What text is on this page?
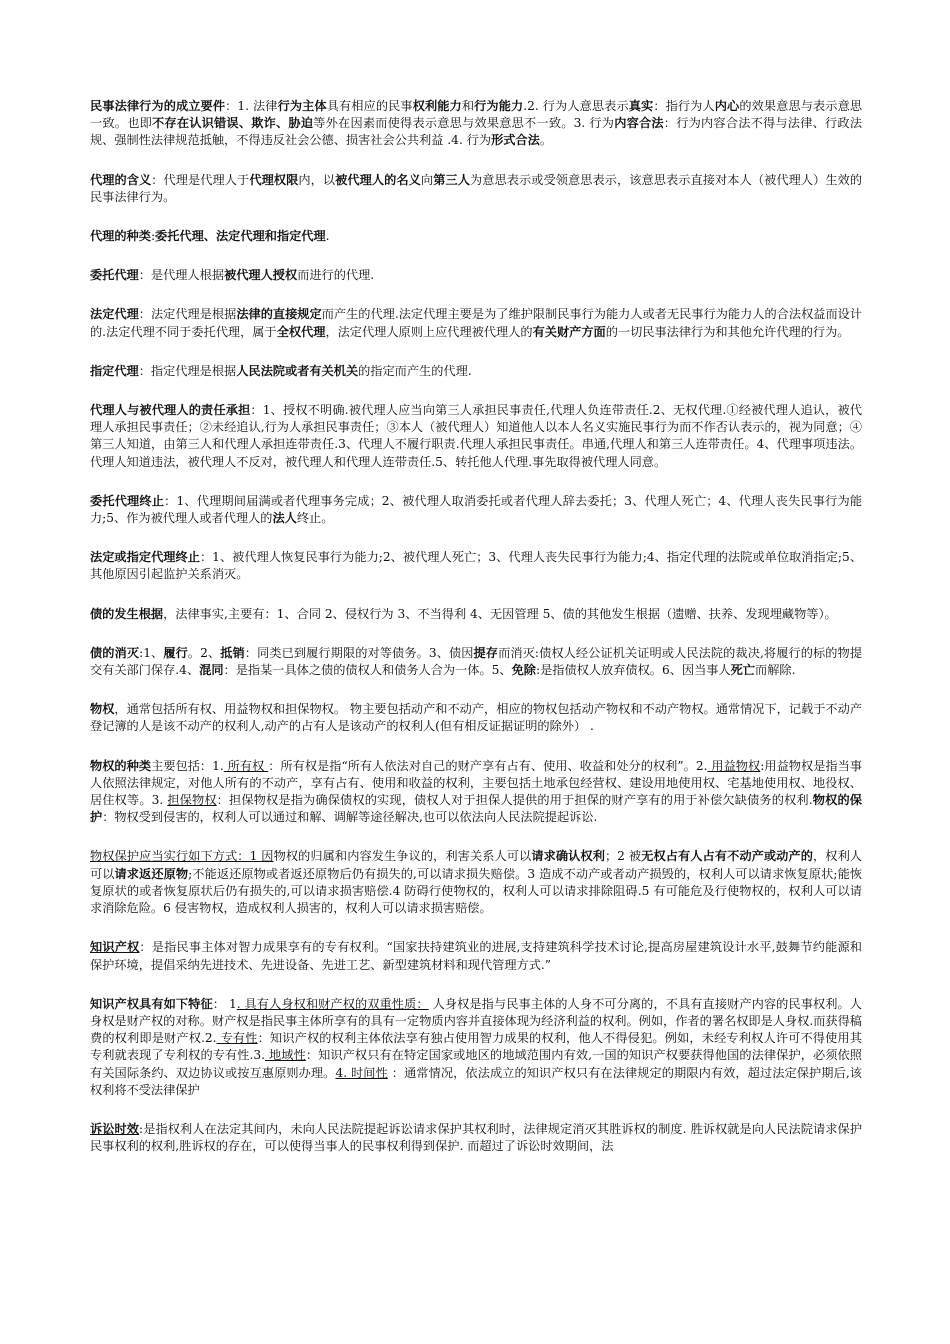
民事法律行为的成立要件：1. 法律行为主体具有相应的民事权利能力和行为能力.2. 行为人意思表示真实：指行为人内心的效果意思与表示意思一致。也即不存在认识错误、欺诈、胁迫等外在因素而使得表示意思与效果意思不一致。3. 行为内容合法：行为内容合法不得与法律、行政法规、强制性法律规范抵触，不得违反社会公德、损害社会公共利益 .4. 行为形式合法。

代理的含义：代理是代理人于代理权限内，以被代理人的名义向第三人为意思表示或受领意思表示，该意思表示直接对本人（被代理人）生效的民事法律行为。

代理的种类:委托代理、法定代理和指定代理.

委托代理：是代理人根据被代理人授权而进行的代理.

法定代理：法定代理是根据法律的直接规定而产生的代理.法定代理主要是为了维护限制民事行为能力人或者无民事行为能力人的合法权益而设计的.法定代理不同于委托代理，属于全权代理，法定代理人原则上应代理被代理人的有关财产方面的一切民事法律行为和其他允许代理的行为。

指定代理：指定代理是根据人民法院或者有关机关的指定而产生的代理.

代理人与被代理人的责任承担：1、授权不明确.被代理人应当向第三人承担民事责任,代理人负连带责任.2、无权代理.①经被代理人追认，被代理人承担民事责任；②未经追认,行为人承担民事责任；③本人（被代理人）知道他人以本人名义实施民事行为而不作否认表示的，视为同意；④第三人知道，由第三人和代理人承担连带责任.3、代理人不履行职责.代理人承担民事责任。串通,代理人和第三人连带责任。4、代理事项违法。代理人知道违法，被代理人不反对，被代理人和代理人连带责任.5、转托他人代理.事先取得被代理人同意。

委托代理终止：1、代理期间届满或者代理事务完成；2、被代理人取消委托或者代理人辞去委托；3、代理人死亡；4、代理人丧失民事行为能力;5、作为被代理人或者代理人的法人终止。

法定或指定代理终止：1、被代理人恢复民事行为能力;2、被代理人死亡；3、代理人丧失民事行为能力;4、指定代理的法院或单位取消指定;5、其他原因引起监护关系消灭。

债的发生根据，法律事实,主要有：1、合同 2、侵权行为 3、不当得利 4、无因管理 5、债的其他发生根据（遗赠、扶养、发现埋藏物等）。

债的消灭:1、履行。2、抵销：同类已到履行期限的对等债务。3、债因提存而消灭:债权人经公证机关证明或人民法院的裁决,将履行的标的物提交有关部门保存.4、混同：是指某一具体之债的债权人和债务人合为一体。5、免除:是指债权人放弃债权。6、因当事人死亡而解除.

物权，通常包括所有权、用益物权和担保物权。 物主要包括动产和不动产，相应的物权包括动产物权和不动产物权。通常情况下，记载于不动产登记簿的人是该不动产的权利人,动产的占有人是该动产的权利人(但有相反证据证明的除外） .

物权的种类主要包括：1. 所有权 ：所有权是指“所有人依法对自己的财产享有占有、使用、收益和处分的权利”。2. 用益物权:用益物权是指当事人依照法律规定，对他人所有的不动产，享有占有、使用和收益的权利，主要包括土地承包经营权、建设用地使用权、宅基地使用权、地役权、居住权等。3. 担保物权：担保物权是指为确保债权的实现，债权人对于担保人提供的用于担保的财产享有的用于补偿欠缺债务的权利.物权的保护：物权受到侵害的，权利人可以通过和解、调解等途径解决,也可以依法向人民法院提起诉讼.

物权保护应当实行如下方式：1 因物权的归属和内容发生争议的，利害关系人可以请求确认权利；2 被无权占有人占有不动产或动产的，权利人可以请求返还原物;不能返还原物或者返还原物后仍有损失的,可以请求损失赔偿。3 造成不动产或者动产损毁的，权利人可以请求恢复原状;能恢复原状的或者恢复原状后仍有损失的,可以请求损害赔偿.4 防碍行使物权的，权利人可以请求排除阻碍.5 有可能危及行使物权的，权利人可以请求消除危险。6 侵害物权，造成权利人损害的，权利人可以请求损害赔偿。

知识产权：是指民事主体对智力成果享有的专有权利。“国家扶持建筑业的进展,支持建筑科学技术讨论,提高房屋建筑设计水平,鼓舞节约能源和保护环境，提倡采纳先进技术、先进设备、先进工艺、新型建筑材料和现代管理方式.”

知识产权具有如下特征： 1. 具有人身权和财产权的双重性质： 人身权是指与民事主体的人身不可分离的，不具有直接财产内容的民事权利。人身权是财产权的对称。财产权是指民事主体所享有的具有一定物质内容并直接体现为经济利益的权利。例如，作者的署名权即是人身权.而获得稿费的权利即是财产权.2. 专有性：知识产权的权利主体依法享有独占使用智力成果的权利，他人不得侵犯。例如，未经专利权人许可不得使用其专利就表现了专利权的专有性.3. 地域性：知识产权只有在特定国家或地区的地域范围内有效,一国的知识产权要获得他国的法律保护，必须依照有关国际条约、双边协议或按互惠原则办理。4. 时间性 ：通常情况，依法成立的知识产权只有在法律规定的期限内有效，超过法定保护期后,该权利将不受法律保护

诉讼时效:是指权利人在法定其间内，未向人民法院提起诉讼请求保护其权利时，法律规定消灭其胜诉权的制度. 胜诉权就是向人民法院请求保护民事权利的权利,胜诉权的存在，可以使得当事人的民事权利得到保护. 而超过了诉讼时效期间，法
